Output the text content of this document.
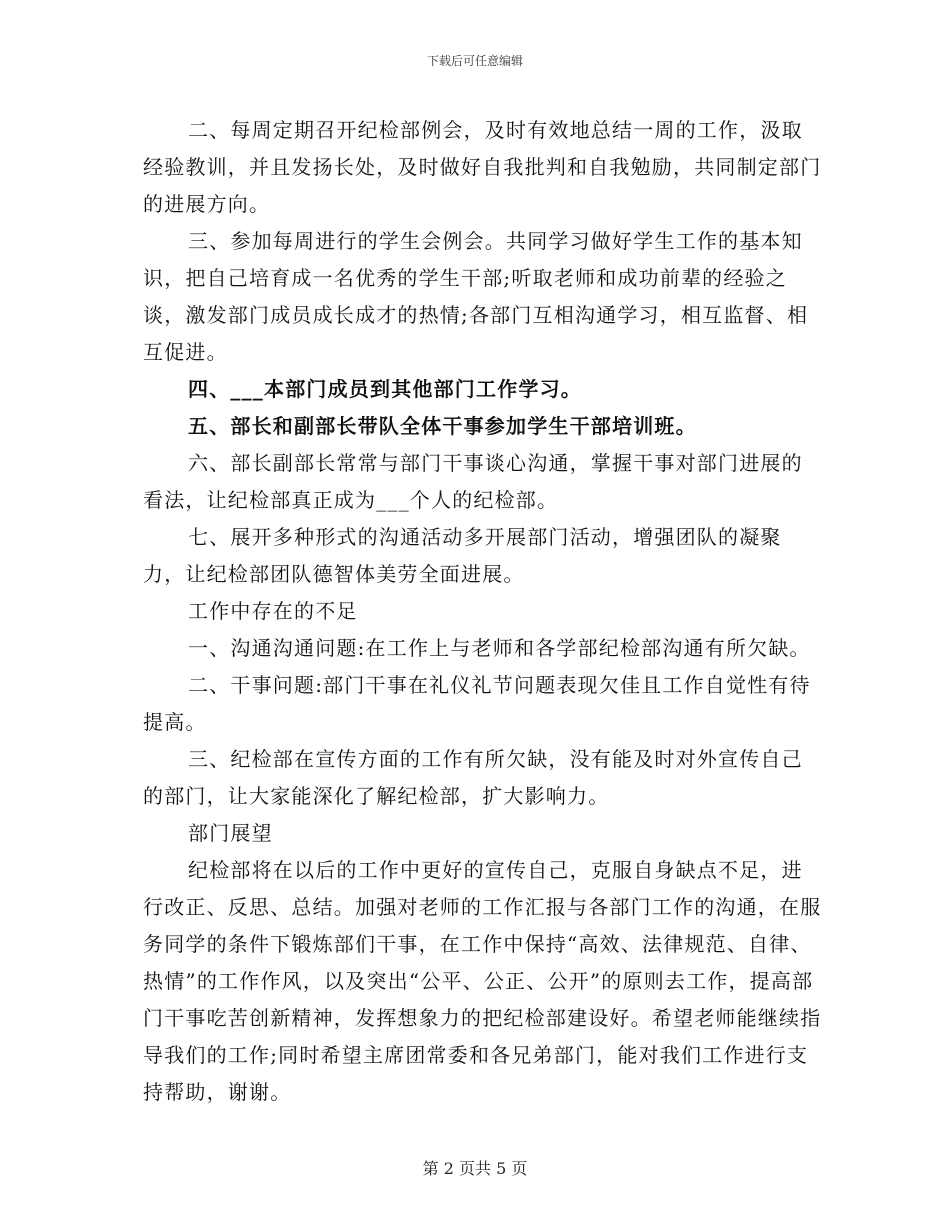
下载后可任意编辑

二、每周定期召开纪检部例会，及时有效地总结一周的工作，汲取经验教训，并且发扬长处，及时做好自我批判和自我勉励，共同制定部门的进展方向。

三、参加每周进行的学生会例会。共同学习做好学生工作的基本知识，把自己培育成一名优秀的学生干部;听取老师和成功前辈的经验之谈，激发部门成员成长成才的热情;各部门互相沟通学习，相互监督、相互促进。

四、___本部门成员到其他部门工作学习。

五、部长和副部长带队全体干事参加学生干部培训班。

六、部长副部长常常与部门干事谈心沟通，掌握干事对部门进展的看法，让纪检部真正成为___个人的纪检部。

七、展开多种形式的沟通活动多开展部门活动，增强团队的凝聚力，让纪检部团队德智体美劳全面进展。

工作中存在的不足

一、沟通沟通问题:在工作上与老师和各学部纪检部沟通有所欠缺。

二、干事问题:部门干事在礼仪礼节问题表现欠佳且工作自觉性有待提高。

三、纪检部在宣传方面的工作有所欠缺，没有能及时对外宣传自己的部门，让大家能深化了解纪检部，扩大影响力。

部门展望

纪检部将在以后的工作中更好的宣传自己，克服自身缺点不足，进行改正、反思、总结。加强对老师的工作汇报与各部门工作的沟通，在服务同学的条件下锻炼部们干事，在工作中保持“高效、法律规范、自律、热情”的工作作风，以及突出“公平、公正、公开”的原则去工作，提高部门干事吃苦创新精神，发挥想象力的把纪检部建设好。希望老师能继续指导我们的工作;同时希望主席团常委和各兄弟部门，能对我们工作进行支持帮助，谢谢。

第 2 页共 5 页
